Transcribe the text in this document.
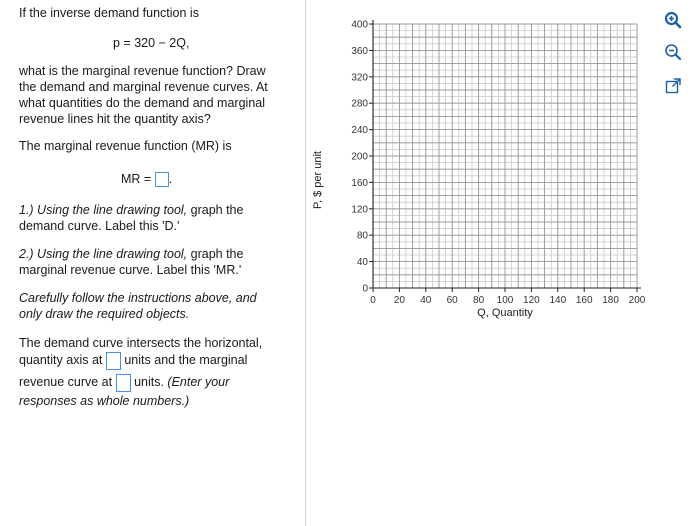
If the inverse demand function is
p = 320 − 2Q,
what is the marginal revenue function? Draw
the demand and marginal revenue curves. At
what quantities do the demand and marginal
revenue lines hit the quantity axis?
The marginal revenue function (MR) is
MR = .
1.) Using the line drawing tool, graph the
demand curve. Label this 'D.'
2.) Using the line drawing tool, graph the
marginal revenue curve. Label this 'MR.'
Carefully follow the instructions above, and
only draw the required objects.
The demand curve intersects the horizontal,
quantity axis at units and the marginal
revenue curve at  units. (Enter your
responses as whole numbers.)
P, $ per unit
0
40
80
120
160
200
240
280
320
360
400
0 20 40 60 80 100 120 140 160 180 200
Q, Quantity
